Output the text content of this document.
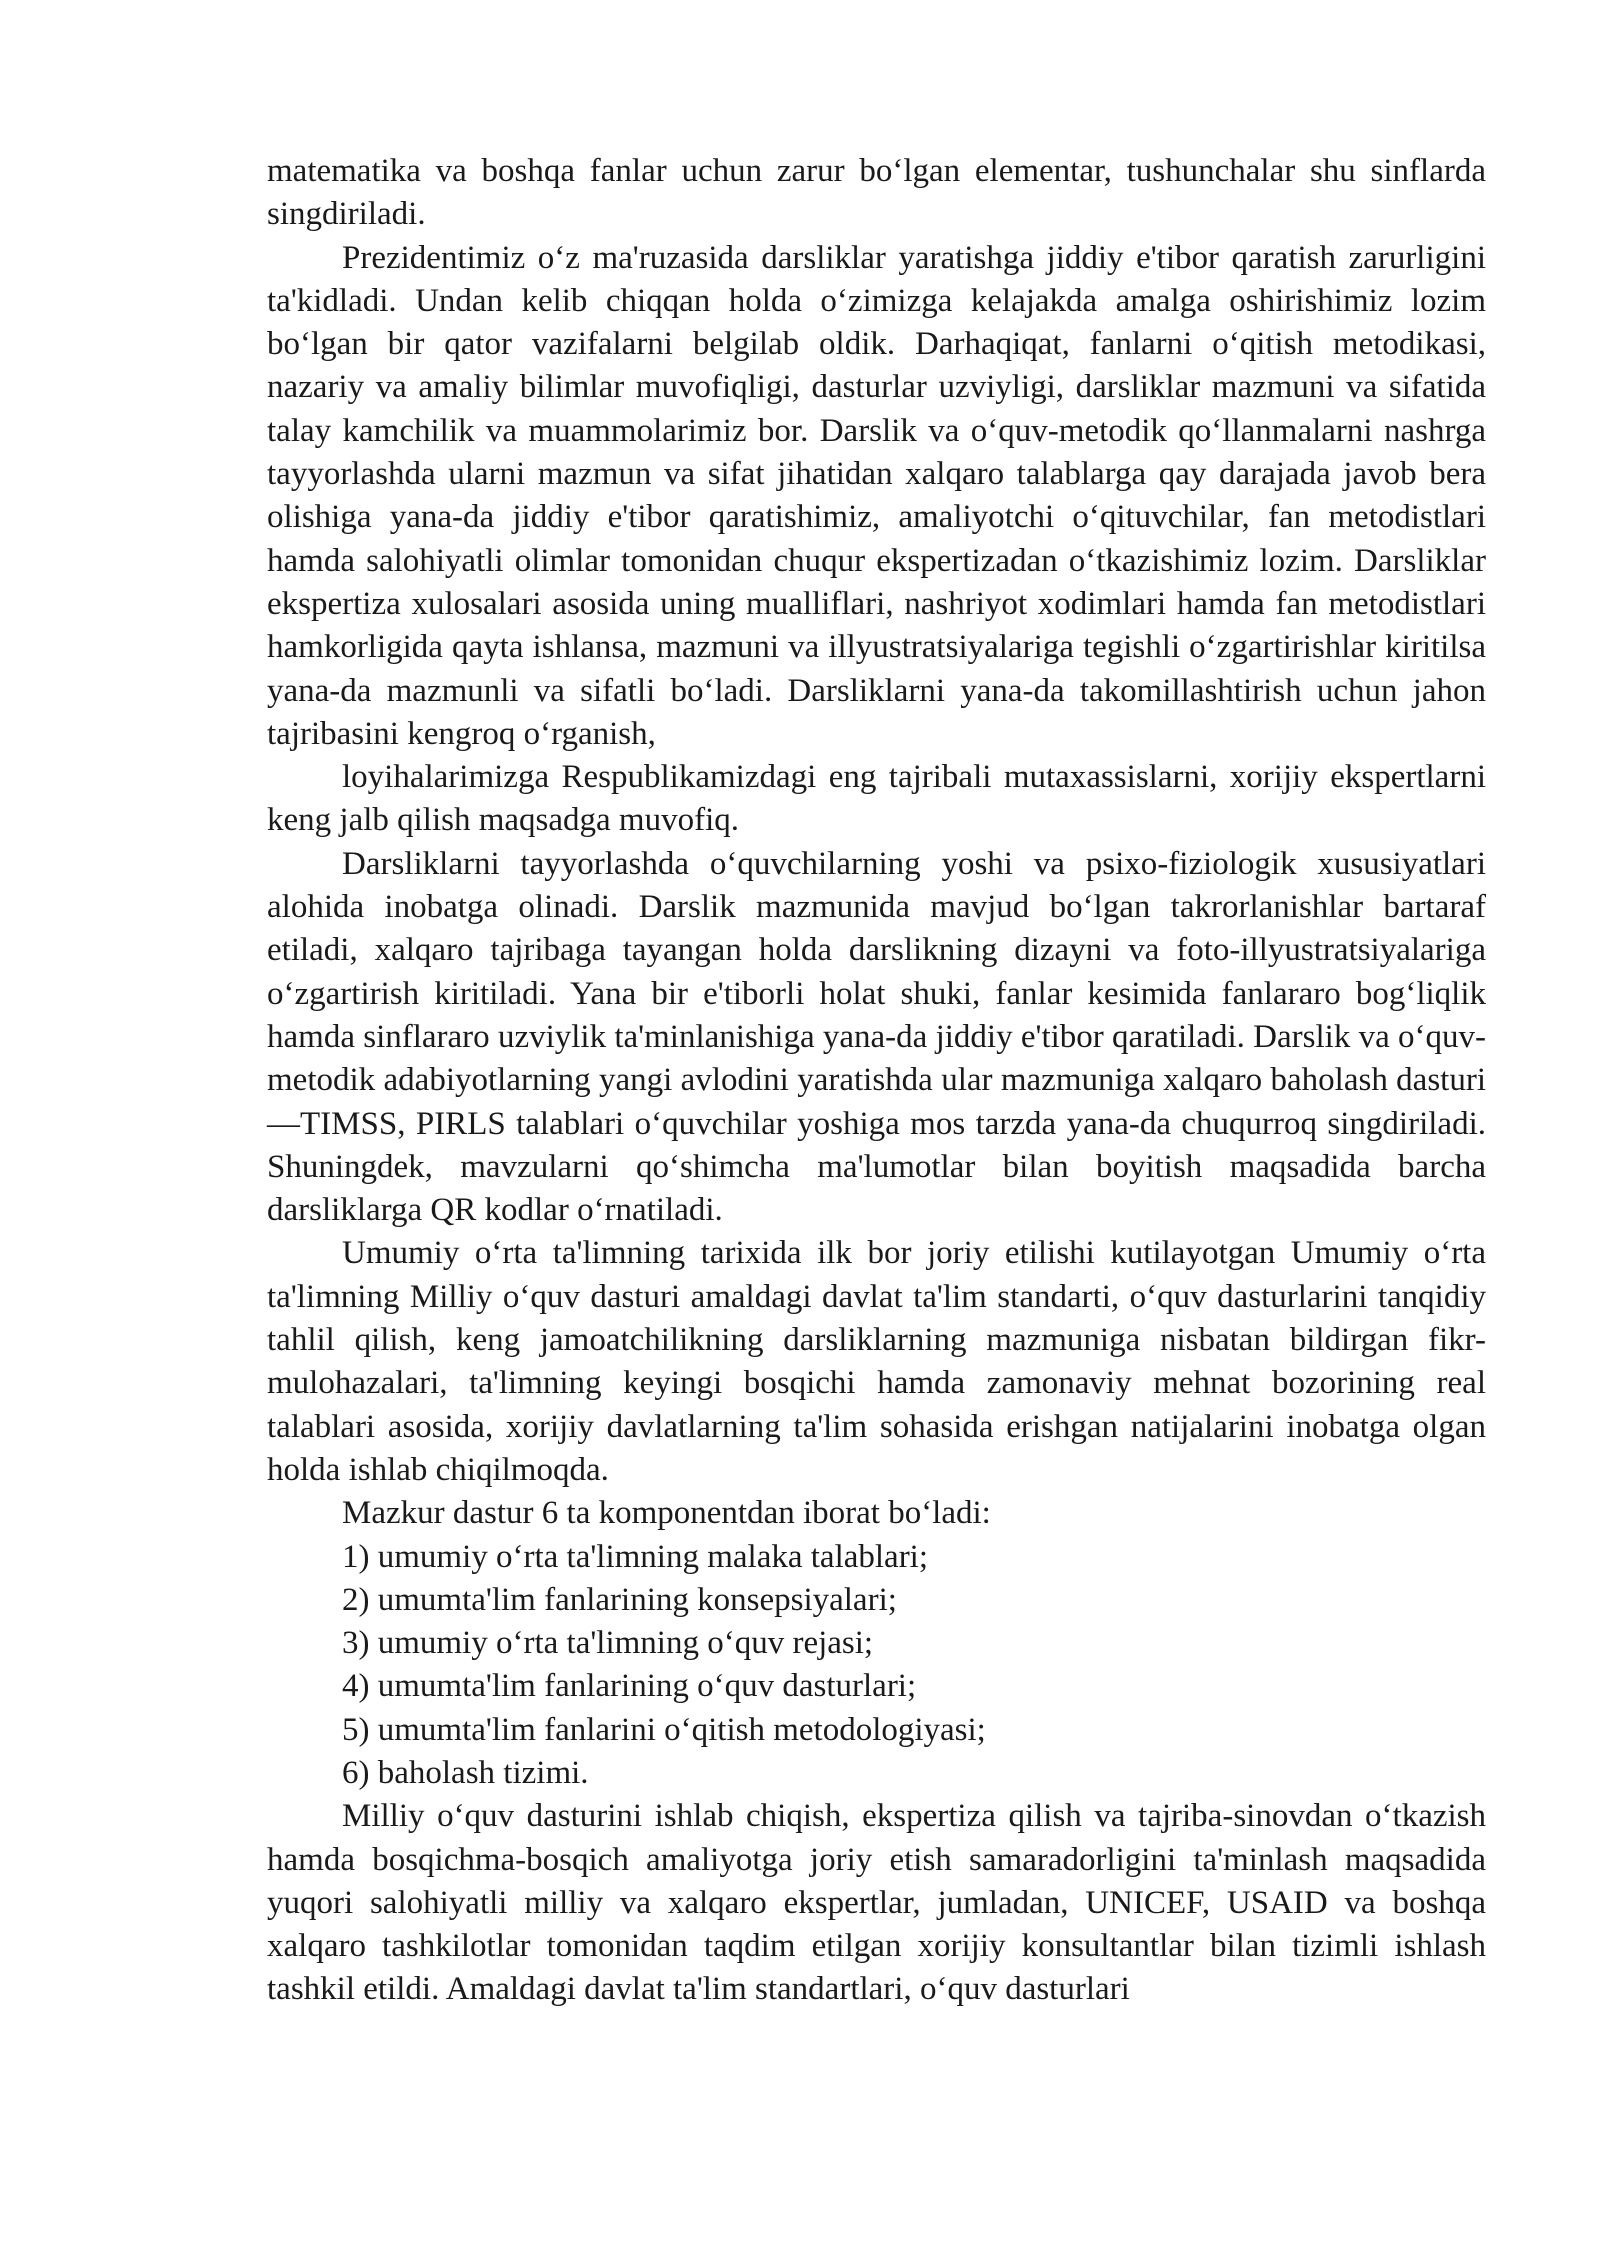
matematika va boshqa fanlar uchun zarur bo‘lgan elementar, tushunchalar shu sinflarda singdiriladi.

Prezidentimiz o‘z ma'ruzasida darsliklar yaratishga jiddiy e'tibor qaratish zarurligini ta'kidladi. Undan kelib chiqqan holda o‘zimizga kelajakda amalga oshirishimiz lozim bo‘lgan bir qator vazifalarni belgilab oldik. Darhaqiqat, fanlarni o‘qitish metodikasi, nazariy va amaliy bilimlar muvofiqligi, dasturlar uzviyligi, darsliklar mazmuni va sifatida talay kamchilik va muammolarimiz bor. Darslik va o‘quv-metodik qo‘llanmalarni nashrga tayyorlashda ularni mazmun va sifat jihatidan xalqaro talablarga qay darajada javob bera olishiga yana-da jiddiy e'tibor qaratishimiz, amaliyotchi o‘qituvchilar, fan metodistlari hamda salohiyatli olimlar tomonidan chuqur ekspertizadan o‘tkazishimiz lozim. Darsliklar ekspertiza xulosalari asosida uning mualliflari, nashriyot xodimlari hamda fan metodistlari hamkorligida qayta ishlansa, mazmuni va illyustratsiyalariga tegishli o‘zgartirishlar kiritilsa yana-da mazmunli va sifatli bo‘ladi. Darsliklarni yana-da takomillashtirish uchun jahon tajribasini kengroq o‘rganish,

loyihalarimizga Respublikamizdagi eng tajribali mutaxassislarni, xorijiy ekspertlarni keng jalb qilish maqsadga muvofiq.

Darsliklarni tayyorlashda o‘quvchilarning yoshi va psixo-fiziologik xususiyatlari alohida inobatga olinadi. Darslik mazmunida mavjud bo‘lgan takrorlanishlar bartaraf etiladi, xalqaro tajribaga tayangan holda darslikning dizayni va foto-illyustratsiyalariga o‘zgartirish kiritiladi. Yana bir e'tiborli holat shuki, fanlar kesimida fanlararo bog‘liqlik hamda sinflararo uzviylik ta'minlanishiga yana-da jiddiy e'tibor qaratiladi. Darslik va o‘quv-metodik adabiyotlarning yangi avlodini yaratishda ular mazmuniga xalqaro baholash dasturi ―TIMSS, PIRLS talablari o‘quvchilar yoshiga mos tarzda yana-da chuqurroq singdiriladi. Shuningdek, mavzularni qo‘shimcha ma'lumotlar bilan boyitish maqsadida barcha darsliklarga QR kodlar o‘rnatiladi.

Umumiy o‘rta ta'limning tarixida ilk bor joriy etilishi kutilayotgan Umumiy o‘rta ta'limning Milliy o‘quv dasturi amaldagi davlat ta'lim standarti, o‘quv dasturlarini tanqidiy tahlil qilish, keng jamoatchilikning darsliklarning mazmuniga nisbatan bildirgan fikr-mulohazalari, ta'limning keyingi bosqichi hamda zamonaviy mehnat bozorining real talablari asosida, xorijiy davlatlarning ta'lim sohasida erishgan natijalarini inobatga olgan holda ishlab chiqilmoqda.

Mazkur dastur 6 ta komponentdan iborat bo‘ladi:

1) umumiy o‘rta ta'limning malaka talablari;

2) umumta'lim fanlarining konsepsiyalari;

3) umumiy o‘rta ta'limning o‘quv rejasi;

4) umumta'lim fanlarining o‘quv dasturlari;

5) umumta'lim fanlarini o‘qitish metodologiyasi;

6) baholash tizimi.

Milliy o‘quv dasturini ishlab chiqish, ekspertiza qilish va tajriba-sinovdan o‘tkazish hamda bosqichma-bosqich amaliyotga joriy etish samaradorligini ta'minlash maqsadida yuqori salohiyatli milliy va xalqaro ekspertlar, jumladan, UNICEF, USAID va boshqa xalqaro tashkilotlar tomonidan taqdim etilgan xorijiy konsultantlar bilan tizimli ishlash tashkil etildi. Amaldagi davlat ta'lim standartlari, o‘quv dasturlari
